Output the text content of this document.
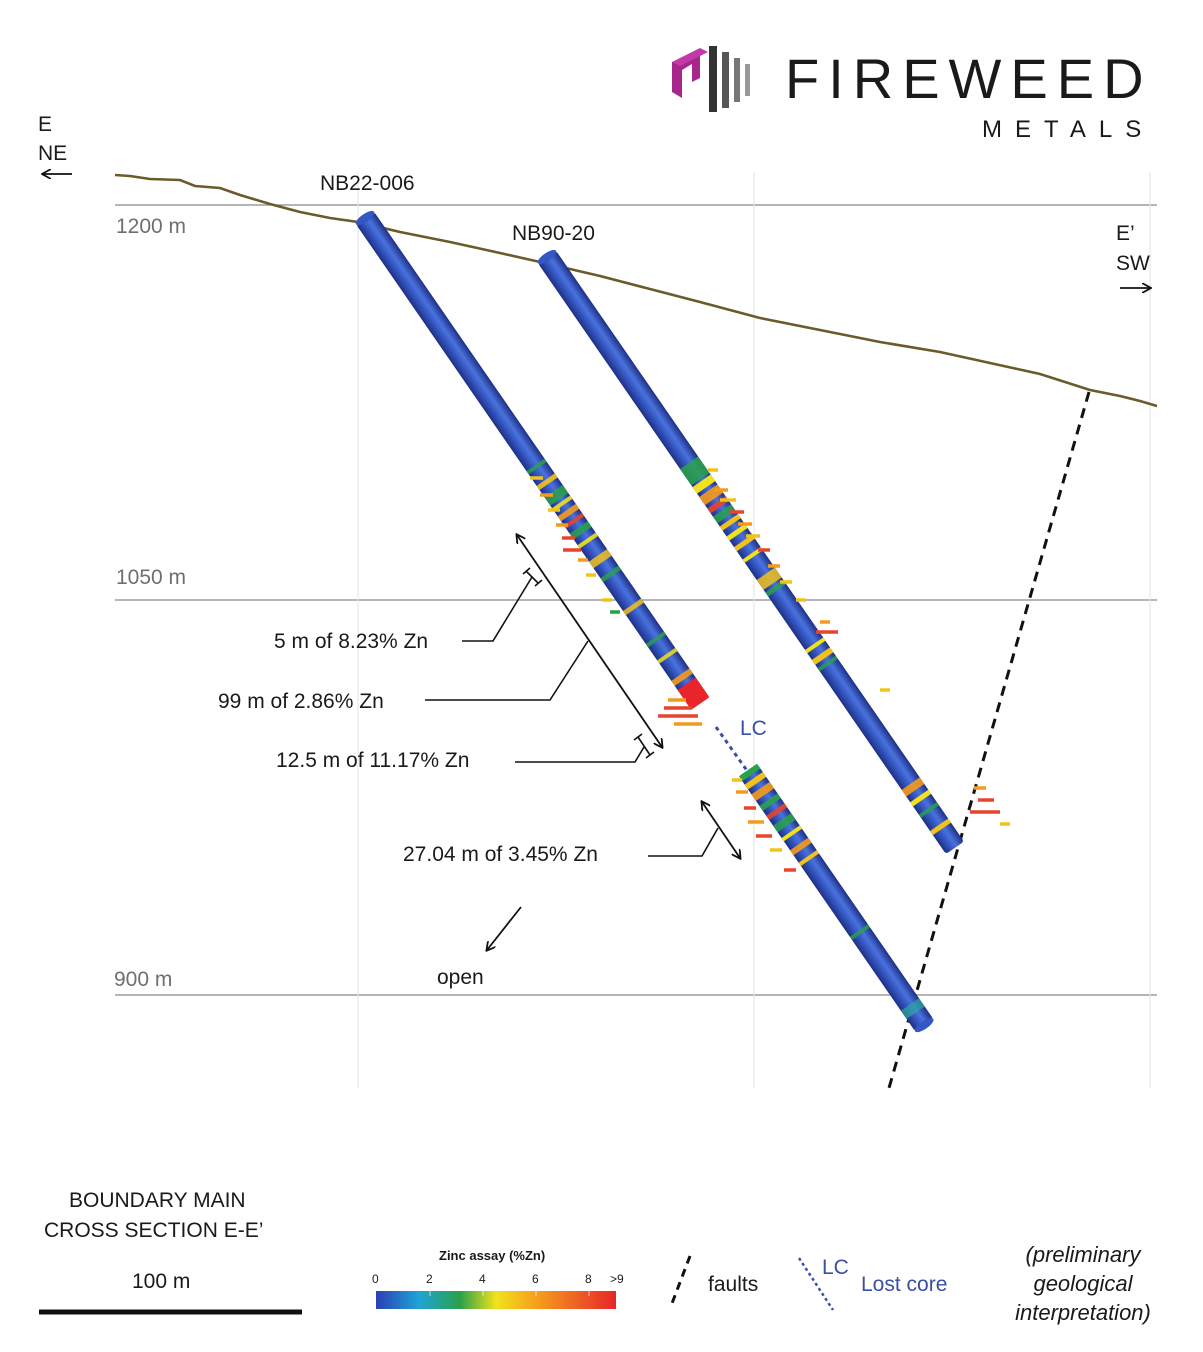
FIREWEED
METALS
E
NE
E’
SW
1200 m
1050 m
900 m
NB22-006
NB90-20
5 m of 8.23% Zn
99 m of 2.86% Zn
12.5 m of 11.17% Zn
27.04 m of 3.45% Zn
LC
open
BOUNDARY MAIN
CROSS SECTION E-E’
100 m
Zinc assay (%Zn)
0	2	4	6	8 >9	faults
LC
Lost core
(preliminary
geological
interpretation)
